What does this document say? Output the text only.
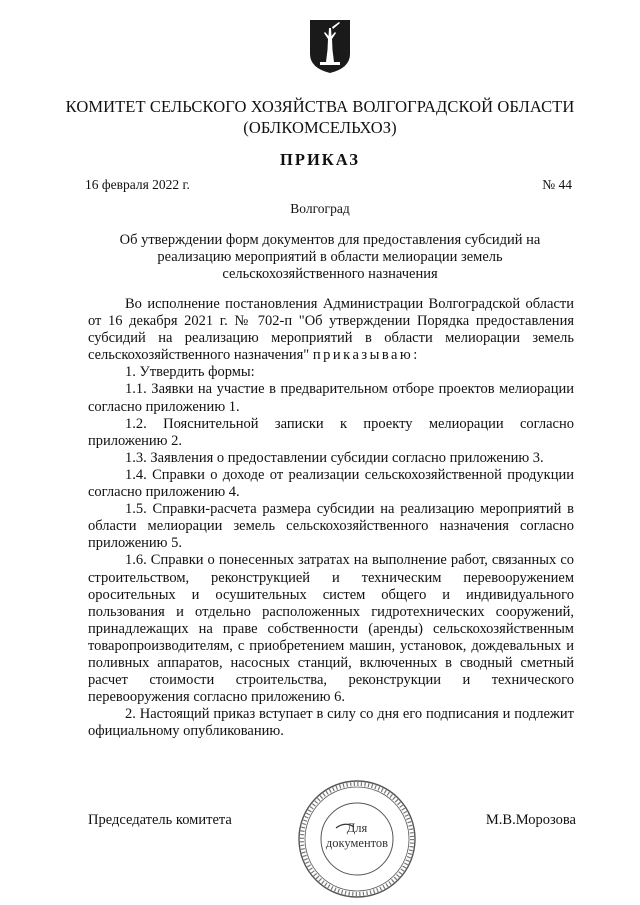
КОМИТЕТ СЕЛЬСКОГО ХОЗЯЙСТВА ВОЛГОГРАДСКОЙ ОБЛАСТИ
(ОБЛКОМСЕЛЬХОЗ)
ПРИКАЗ
16 февраля 2022 г.	№ 44
Волгоград
Об утверждении форм документов для предоставления субсидий на
реализацию мероприятий в области мелиорации земель
сельскохозяйственного назначения

Во исполнение постановления Администрации Волгоградской области от 16 декабря 2021 г. № 702-п "Об утверждении Порядка предоставления субсидий на реализацию мероприятий в области мелиорации земель сельскохозяйственного назначения" приказываю:

1. Утвердить формы:

1.1. Заявки на участие в предварительном отборе проектов мелиорации согласно приложению 1.

1.2. Пояснительной записки к проекту мелиорации согласно приложению 2.

1.3. Заявления о предоставлении субсидии согласно приложению 3.

1.4. Справки о доходе от реализации сельскохозяйственной продукции согласно приложению 4.

1.5. Справки-расчета размера субсидии на реализацию мероприятий в области мелиорации земель сельскохозяйственного назначения согласно приложению 5.

1.6. Справки о понесенных затратах на выполнение работ, связанных со строительством, реконструкцией и техническим перевооружением оросительных и осушительных систем общего и индивидуального пользования и отдельно расположенных гидротехнических сооружений, принадлежащих на праве собственности (аренды) сельскохозяйственным товаропроизводителям, с приобретением машин, установок, дождевальных и поливных аппаратов, насосных станций, включенных в сводный сметный расчет стоимости строительства, реконструкции и технического перевооружения согласно приложению 6.

2. Настоящий приказ вступает в силу со дня его подписания и подлежит официальному опубликованию.

Председатель комитета	М.В.Морозова
Для
документов
